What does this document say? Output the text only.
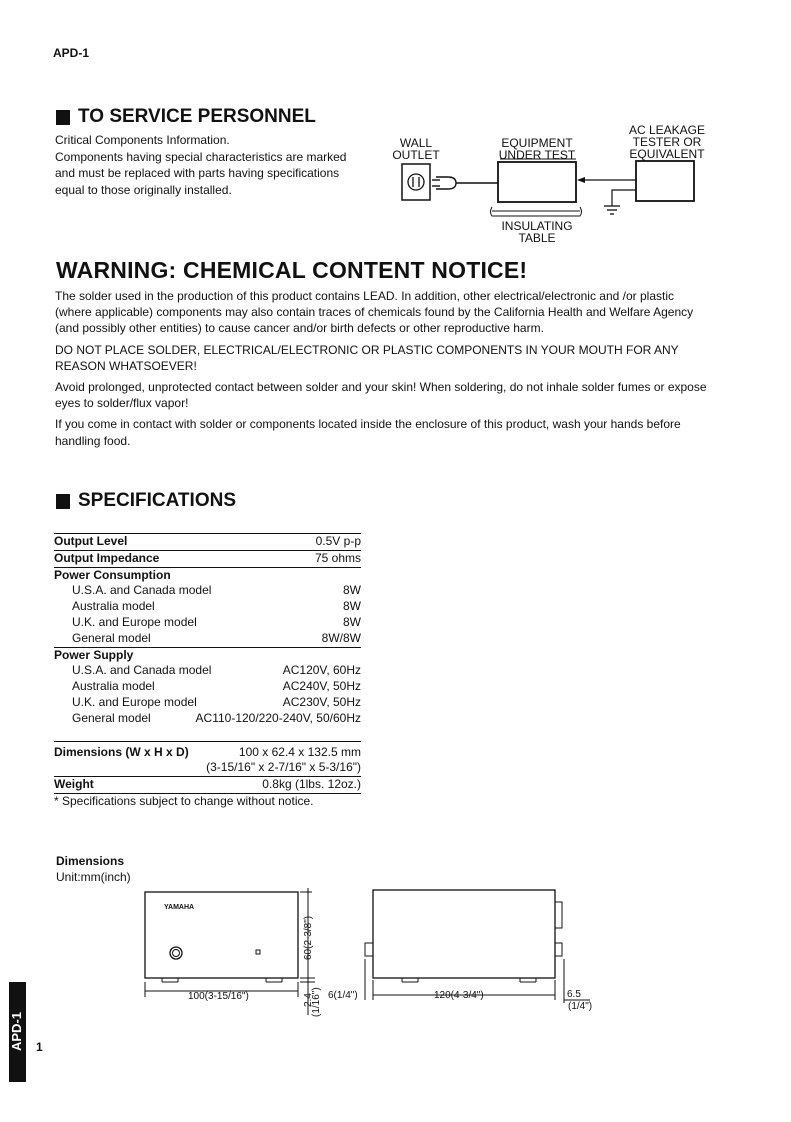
APD-1
TO SERVICE PERSONNEL
Critical Components Information.
Components having special characteristics are marked
and must be replaced with parts having specifications
equal to those originally installed.
WALL
OUTLET
EQUIPMENT
UNDER TEST
AC LEAKAGE
TESTER OR
EQUIVALENT
INSULATING
TABLE
WARNING: CHEMICAL CONTENT NOTICE!

The solder used in the production of this product contains LEAD. In addition, other electrical/electronic and /or plastic (where applicable) components may also contain traces of chemicals found by the California Health and Welfare Agency (and possibly other entities) to cause cancer and/or birth defects or other reproductive harm.

DO NOT PLACE SOLDER, ELECTRICAL/ELECTRONIC OR PLASTIC COMPONENTS IN YOUR MOUTH FOR ANY REASON WHATSOEVER!

Avoid prolonged, unprotected contact between solder and your skin! When soldering, do not inhale solder fumes or expose eyes to solder/flux vapor!

If you come in contact with solder or components located inside the enclosure of this product, wash your hands before handling food.

SPECIFICATIONS
Output Level	0.5V p-p
Output Impedance	75 ohms
Power Consumption
U.S.A. and Canada model	8W
Australia model	8W
U.K. and Europe model	8W
General model	8W/8W
Power Supply
U.S.A. and Canada model	AC120V, 60Hz
Australia model	AC240V, 50Hz
U.K. and Europe model	AC230V, 50Hz
General model	AC110-120/220-240V, 50/60Hz
Dimensions (W x H x D)	100 x 62.4 x 132.5 mm
(3-15/16" x 2-7/16" x 5-3/16")
Weight	0.8kg (1lbs. 12oz.)
* Specifications subject to change without notice.
Dimensions
Unit:mm(inch)
YAMAHA
100(3-15/16")
60(2-3/8")
2.4
(1/16") 6(1/4")	120(4-3/4")	6.5
(1/4")
APD-1 1
